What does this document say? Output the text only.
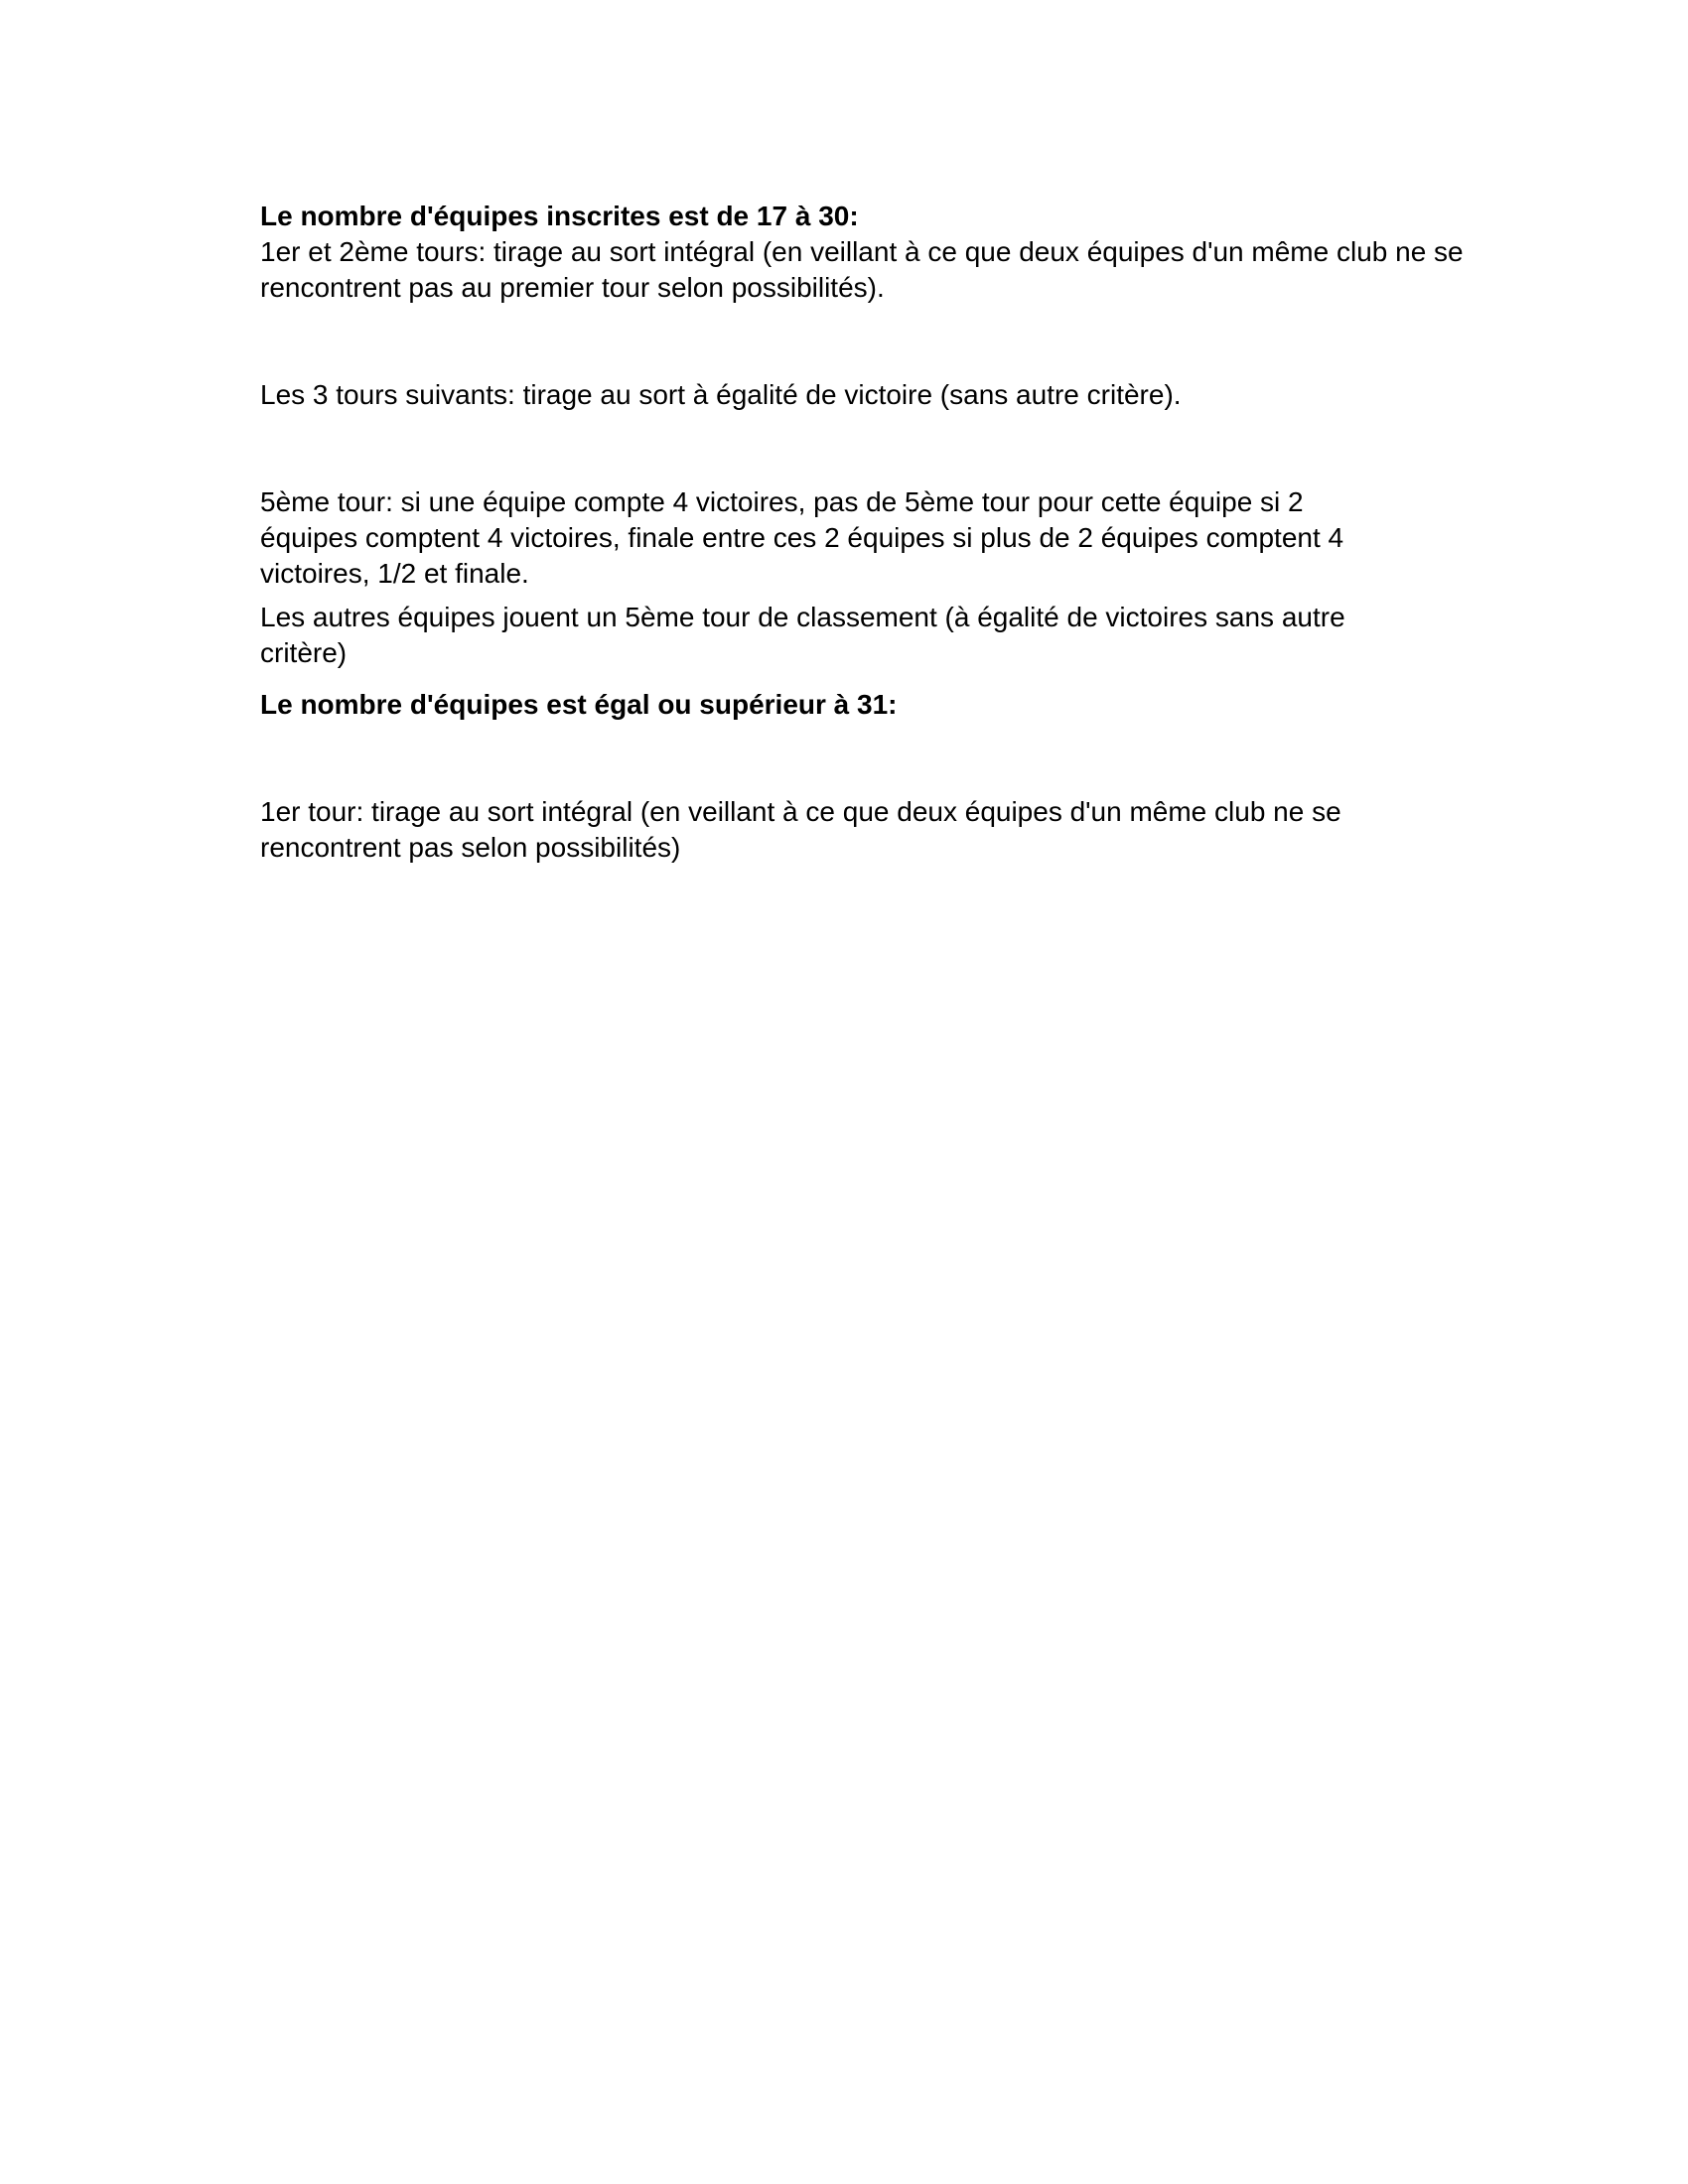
Le nombre d'équipes inscrites est de 17 à 30:

1er et 2ème tours: tirage au sort intégral (en veillant à ce que deux équipes d'un même club ne se

rencontrent pas au premier tour selon possibilités).

Les 3 tours suivants: tirage au sort à égalité de victoire (sans autre critère).

5ème tour: si une équipe compte 4 victoires, pas de 5ème tour pour cette équipe si 2

équipes comptent 4 victoires, finale entre ces 2 équipes si plus de 2 équipes comptent 4

victoires, 1/2 et finale.

Les autres équipes jouent un 5ème tour de classement (à égalité de victoires sans autre

critère)

Le nombre d'équipes est égal ou supérieur à 31:

1er tour: tirage au sort intégral (en veillant à ce que deux équipes d'un même club ne se

rencontrent pas selon possibilités)
